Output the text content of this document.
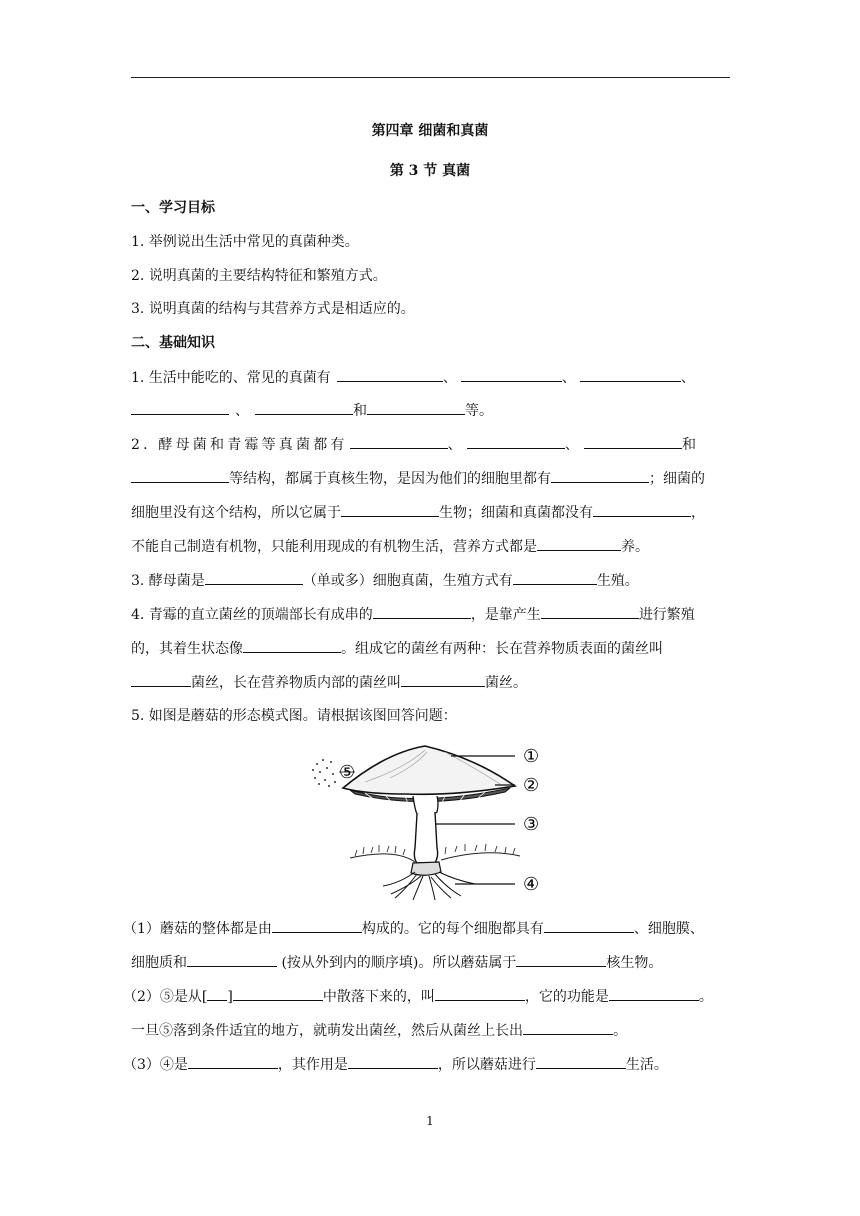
第四章 细菌和真菌
第 3 节 真菌
一、学习目标
1. 举例说出生活中常见的真菌种类。
2. 说明真菌的主要结构特征和繁殖方式。
3. 说明真菌的结构与其营养方式是相适应的。
二、基础知识
1. 生活中能吃的、常见的真菌有	、	、	、
、	和	等。
2. 酵母菌和青霉等真菌都有	、	、	和
等结构，都属于真核生物，是因为他们的细胞里都有	；细菌的
细胞里没有这个结构，所以它属于	生物；细菌和真菌都没有	，
不能自己制造有机物，只能利用现成的有机物生活，营养方式都是	养。
3. 酵母菌是	（单或多）细胞真菌，生殖方式有	生殖。
4. 青霉的直立菌丝的顶端部长有成串的	，是靠产生	进行繁殖
的，其着生状态像	。组成它的菌丝有两种：长在营养物质表面的菌丝叫
菌丝，长在营养物质内部的菌丝叫	菌丝。
5. 如图是蘑菇的形态模式图。请根据该图回答问题：
①
②
③
④
⑤
（1）蘑菇的整体都是由	构成的。它的每个细胞都具有	、细胞膜、
细胞质和	(按从外到内的顺序填)。所以蘑菇属于	核生物。
（2）⑤是从[ ]	中散落下来的，叫	，它的功能是	。
一旦⑤落到条件适宜的地方，就萌发出菌丝，然后从菌丝上长出	。
（3）④是	，其作用是	，所以蘑菇进行	生活。
1
